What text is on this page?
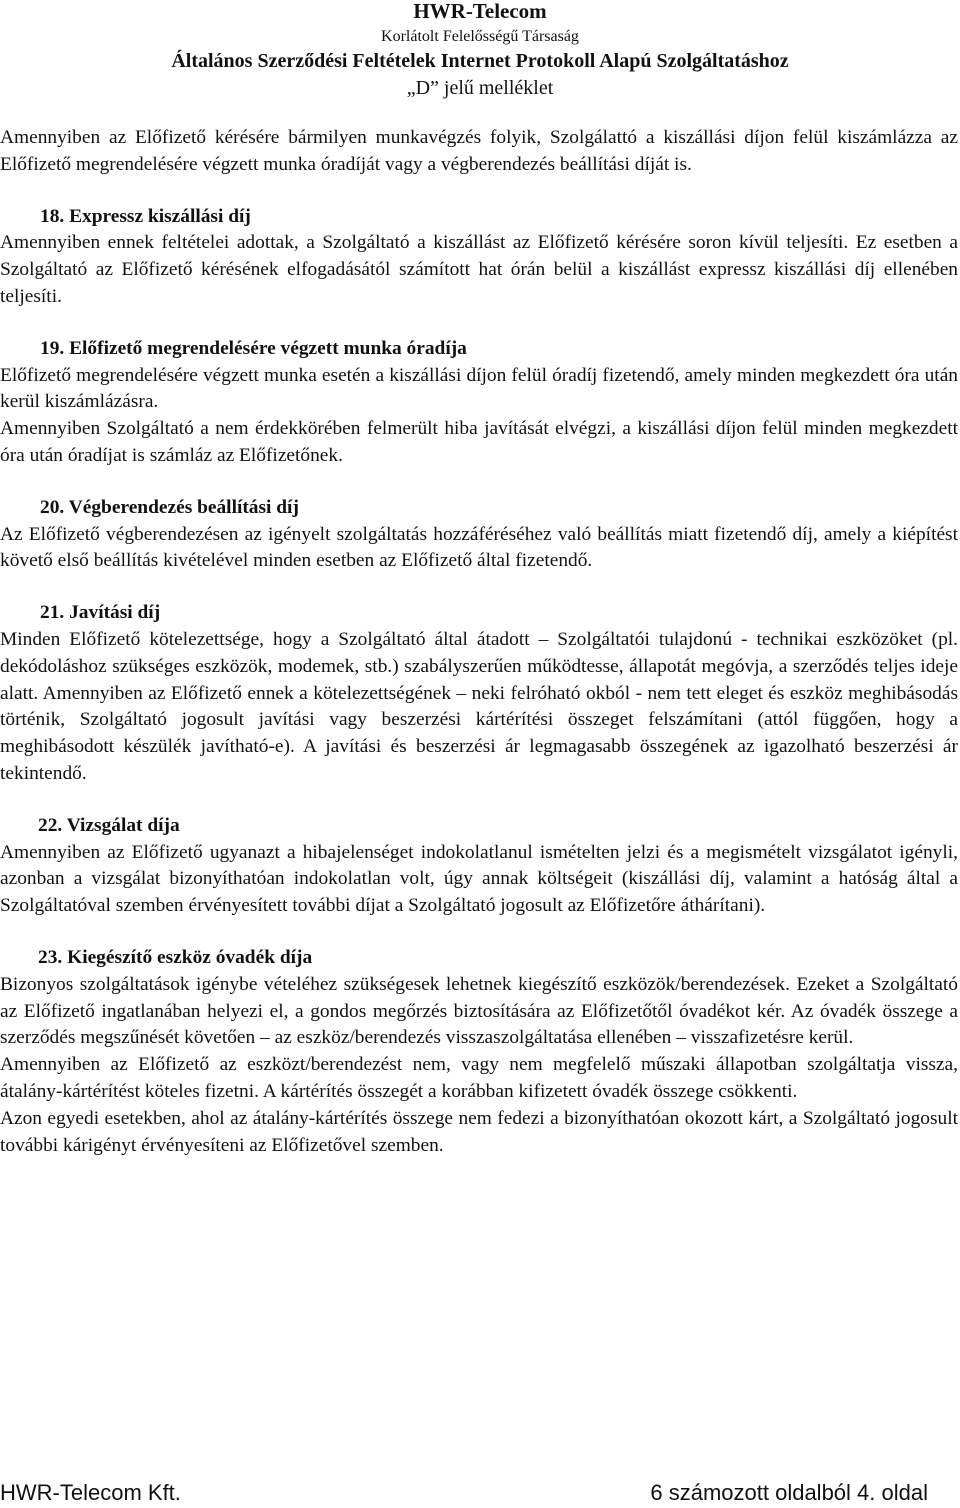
HWR-Telecom
Korlátolt Felelősségű Társaság
Általános Szerződési Feltételek Internet Protokoll Alapú Szolgáltatáshoz
„D” jelű melléklet

Amennyiben az Előfizető kérésére bármilyen munkavégzés folyik, Szolgálattó a kiszállási díjon felül kiszámlázza az Előfizető megrendelésére végzett munka óradíját vagy a végberendezés beállítási díját is.

18. Expressz kiszállási díj

Amennyiben ennek feltételei adottak, a Szolgáltató a kiszállást az Előfizető kérésére soron kívül teljesíti. Ez esetben a Szolgáltató az Előfizető kérésének elfogadásától számított hat órán belül a kiszállást expressz kiszállási díj ellenében teljesíti.

19. Előfizető megrendelésére végzett munka óradíja

Előfizető megrendelésére végzett munka esetén a kiszállási díjon felül óradíj fizetendő, amely minden megkezdett óra után kerül kiszámlázásra.

Amennyiben Szolgáltató a nem érdekkörében felmerült hiba javítását elvégzi, a kiszállási díjon felül minden megkezdett óra után óradíjat is számláz az Előfizetőnek.

20. Végberendezés beállítási díj

Az Előfizető végberendezésen az igényelt szolgáltatás hozzáféréséhez való beállítás miatt fizetendő díj, amely a kiépítést követő első beállítás kivételével minden esetben az Előfizető által fizetendő.

21. Javítási díj

Minden Előfizető kötelezettsége, hogy a Szolgáltató által átadott – Szolgáltatói tulajdonú - technikai eszközöket (pl. dekódoláshoz szükséges eszközök, modemek, stb.) szabályszerűen működtesse, állapotát megóvja, a szerződés teljes ideje alatt. Amennyiben az Előfizető ennek a kötelezettségének – neki felróható okból - nem tett eleget és eszköz meghibásodás történik, Szolgáltató jogosult javítási vagy beszerzési kártérítési összeget felszámítani (attól függően, hogy a meghibásodott készülék javítható-e). A javítási és beszerzési ár legmagasabb összegének az igazolható beszerzési ár tekintendő.

22. Vizsgálat díja

Amennyiben az Előfizető ugyanazt a hibajelenséget indokolatlanul ismételten jelzi és a megismételt vizsgálatot igényli, azonban a vizsgálat bizonyíthatóan indokolatlan volt, úgy annak költségeit (kiszállási díj, valamint a hatóság által a Szolgáltatóval szemben érvényesített további díjat a Szolgáltató jogosult az Előfizetőre áthárítani).

23. Kiegészítő eszköz óvadék díja

Bizonyos szolgáltatások igénybe vételéhez szükségesek lehetnek kiegészítő eszközök/berendezések. Ezeket a Szolgáltató az Előfizető ingatlanában helyezi el, a gondos megőrzés biztosítására az Előfizetőtől óvadékot kér. Az óvadék összege a szerződés megszűnését követően – az eszköz/berendezés visszaszolgáltatása ellenében – visszafizetésre kerül.

Amennyiben az Előfizető az eszközt/berendezést nem, vagy nem megfelelő műszaki állapotban szolgáltatja vissza, átalány-kártérítést köteles fizetni. A kártérítés összegét a korábban kifizetett óvadék összege csökkenti.

Azon egyedi esetekben, ahol az átalány-kártérítés összege nem fedezi a bizonyíthatóan okozott kárt, a Szolgáltató jogosult további kárigényt érvényesíteni az Előfizetővel szemben.

HWR-Telecom Kft.	6 számozott oldalból 4. oldal
